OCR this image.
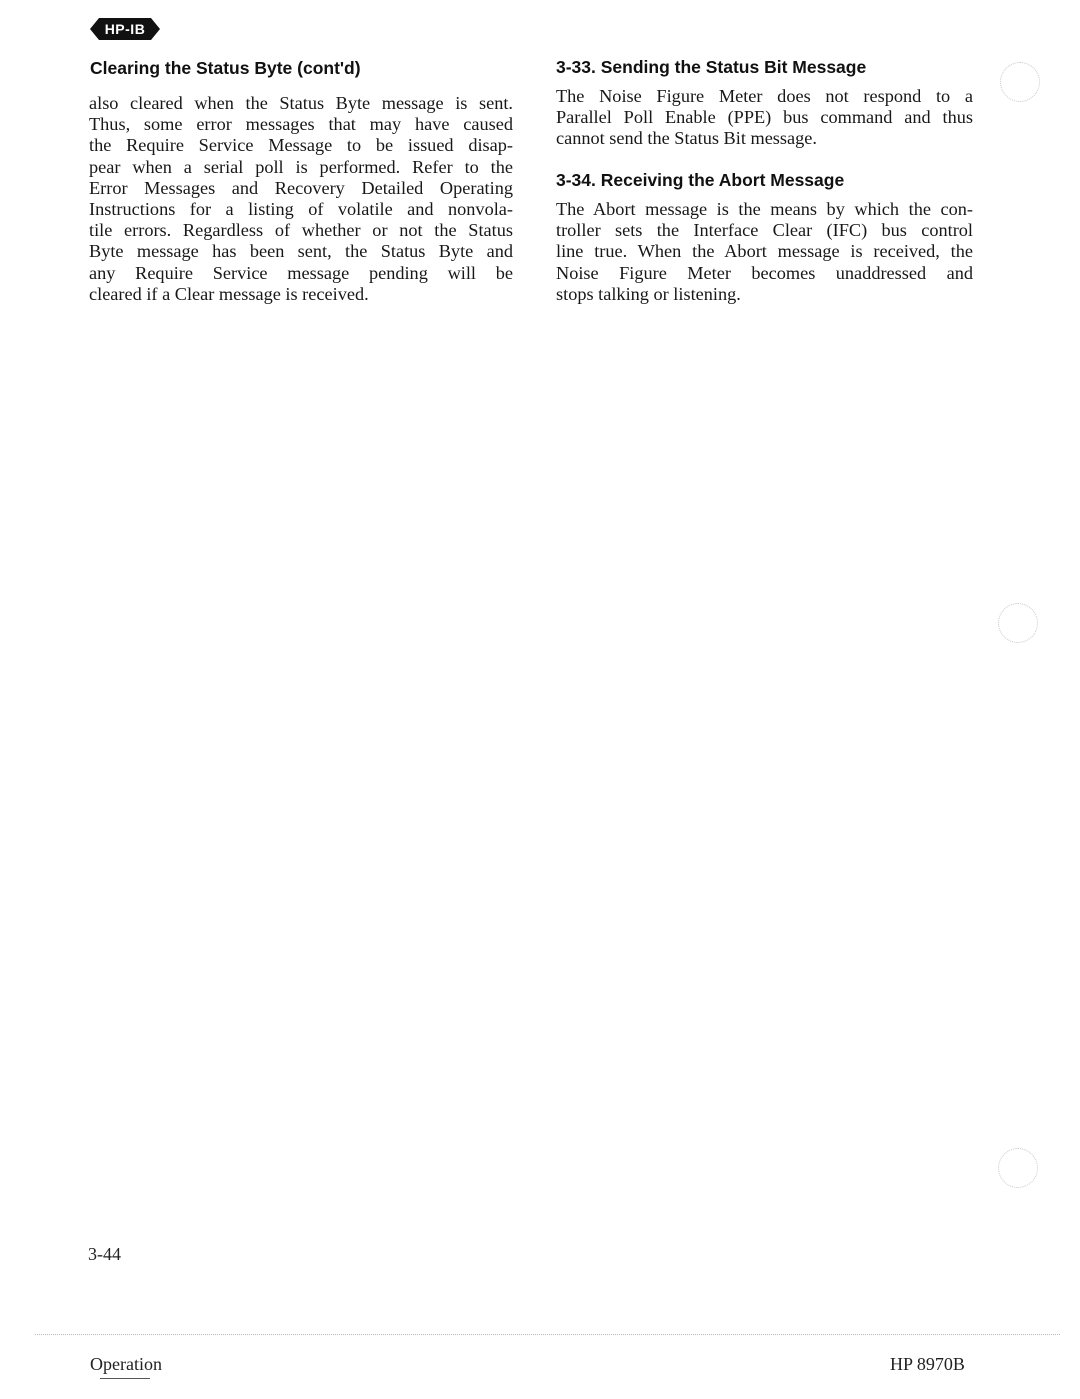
HP-IB
Clearing the Status Byte (cont'd)
also cleared when the Status Byte message is sent.
Thus, some error messages that may have caused
the Require Service Message to be issued disap-
pear when a serial poll is performed. Refer to the
Error Messages and Recovery Detailed Operating
Instructions for a listing of volatile and nonvola-
tile errors. Regardless of whether or not the Status
Byte message has been sent, the Status Byte and
any Require Service message pending will be
cleared if a Clear message is received.
3-33. Sending the Status Bit Message
The Noise Figure Meter does not respond to a
Parallel Poll Enable (PPE) bus command and thus
cannot send the Status Bit message.
3-34. Receiving the Abort Message
The Abort message is the means by which the con-
troller sets the Interface Clear (IFC) bus control
line true. When the Abort message is received, the
Noise Figure Meter becomes unaddressed and
stops talking or listening.
3-44
Operation	HP 8970B
